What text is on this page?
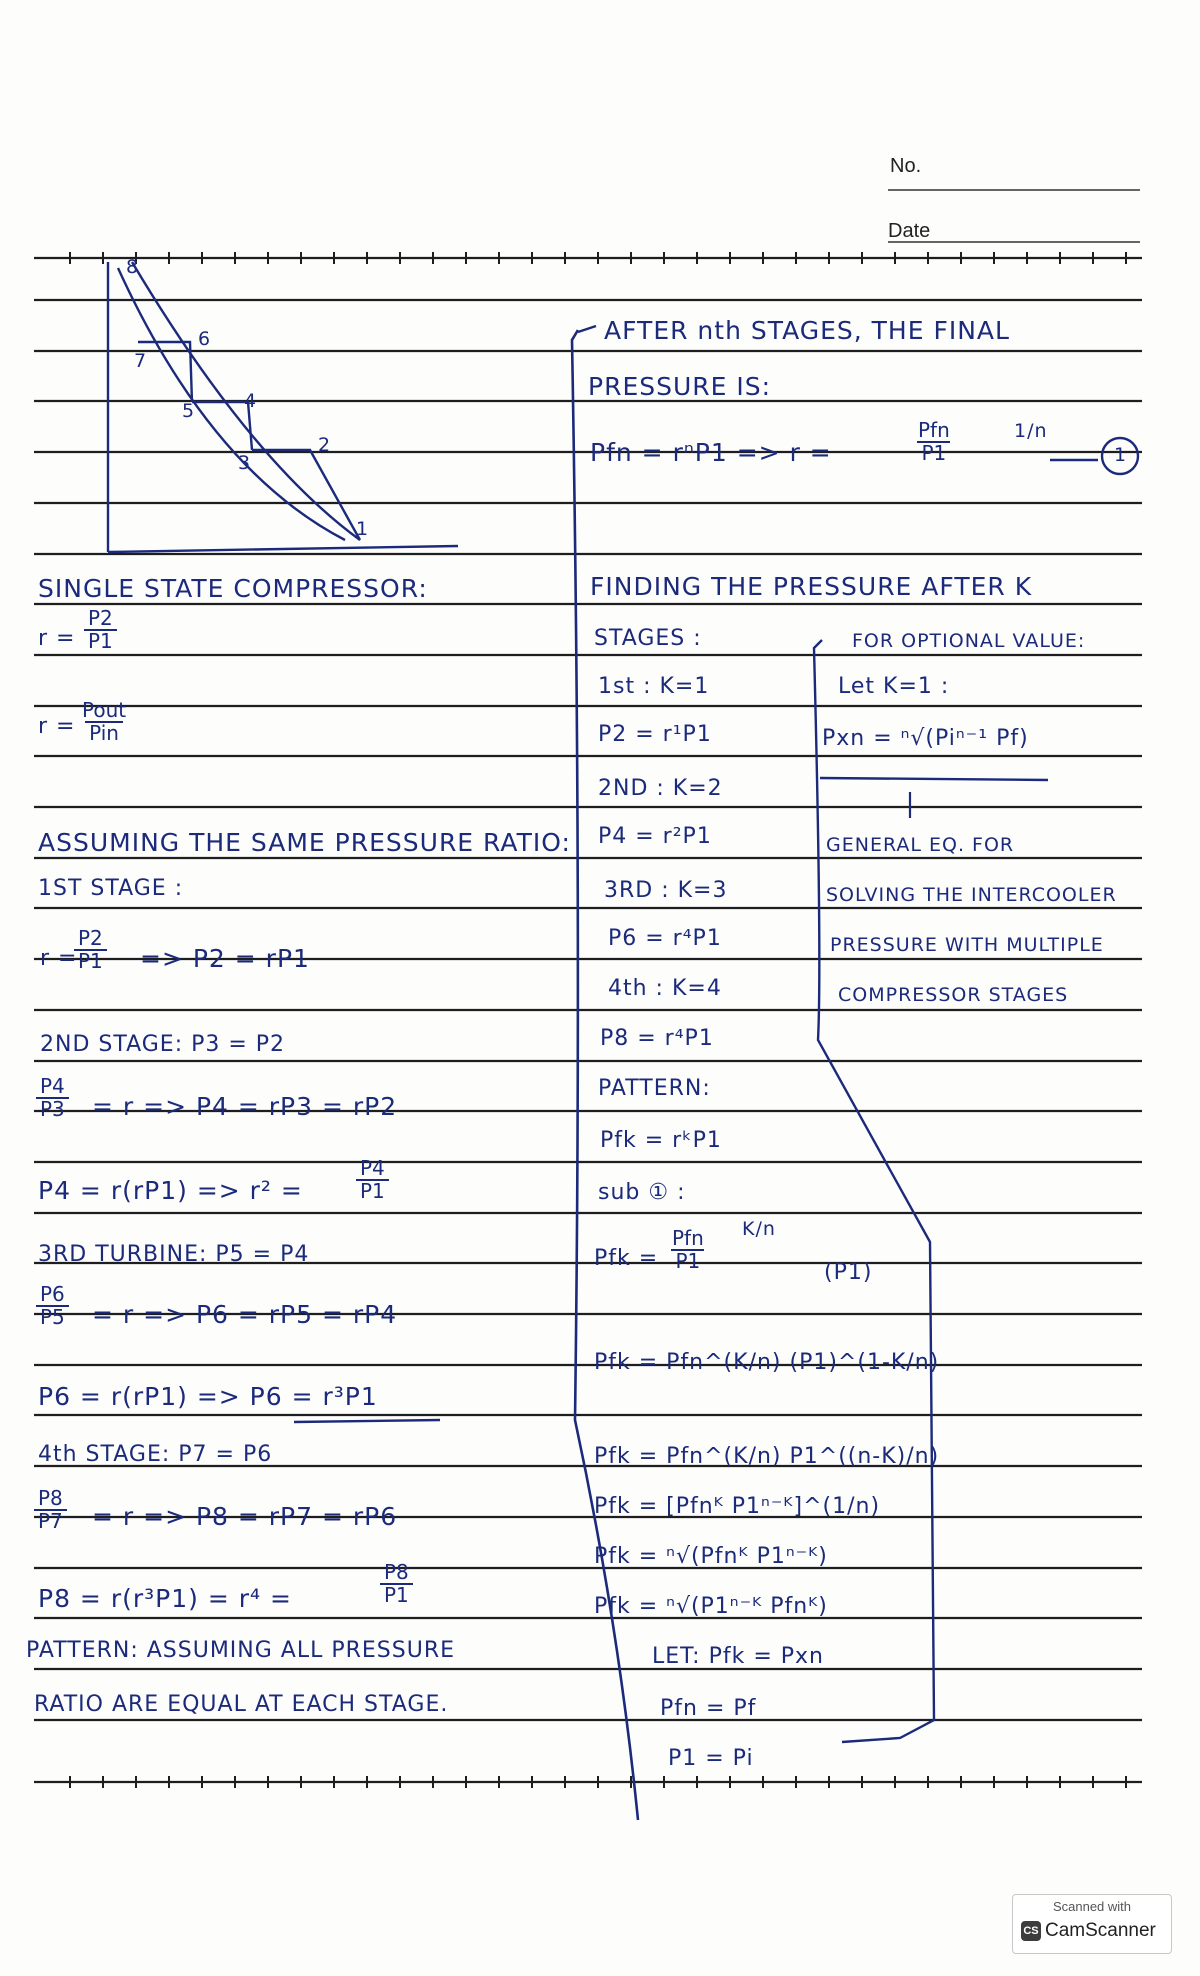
No.
Date
1
2
3
4
5
6
7
8
SINGLE STATE COMPRESSOR:
$r = \frac{P2}{P1}$
r =
Pout
Pin
ASSUMING THE SAME PRESSURE RATIO:
1ST STAGE :
r =
$\frac{P2}{P1} => P2 = rP1$
2ND STAGE: P3 = P2
$\frac{P4}{P3} = r => P4 = rP3 = rP2$
P4 = r(rP1) => r² =	$\frac{P4}{P1}$
3RD TURBINE: P5 = P4
$\frac{P6}{P5} = r => P6 = rP5 = rP4$
P6 = r(rP1) => P6 = r³P1
4th STAGE: P7 = P6
$\frac{P8}{P7} = r => P8 = rP7 = rP6$
P8 = r(r³P1) = r⁴ =	$\frac{P8}{P1}$
PATTERN: ASSUMING ALL PRESSURE
RATIO ARE EQUAL AT EACH STAGE.
AFTER nth STAGES, THE FINAL
PRESSURE IS:
Pfn = rⁿP1 => r =
Pfn
P1
1/n
1
FINDING THE PRESSURE AFTER K
STAGES :
1st : K=1
P2 = r¹P1
2ND : K=2
P4 = r²P1
3RD : K=3
P6 = r⁴P1
4th : K=4
P8 = r⁴P1
PATTERN:
Pfk = rᵏP1
sub ① :
Pfk =
Pfn
P1
K/n
(P1)
Pfk = Pfn^(K/n) (P1)^(1-K/n)
Pfk = Pfn^(K/n) P1^((n-K)/n)
Pfk = [Pfnᴷ P1ⁿ⁻ᴷ]^(1/n)
Pfk = ⁿ√(Pfnᴷ P1ⁿ⁻ᴷ)
Pfk = ⁿ√(P1ⁿ⁻ᴷ Pfnᴷ)
LET: Pfk = Pxn
Pfn = Pf
P1 = Pi
FOR OPTIONAL VALUE:
Let K=1 :
Pxn = ⁿ√(Piⁿ⁻¹ Pf)
GENERAL EQ. FOR
SOLVING THE INTERCOOLER
PRESSURE WITH MULTIPLE
COMPRESSOR STAGES
Scanned with
CS CamScanner
